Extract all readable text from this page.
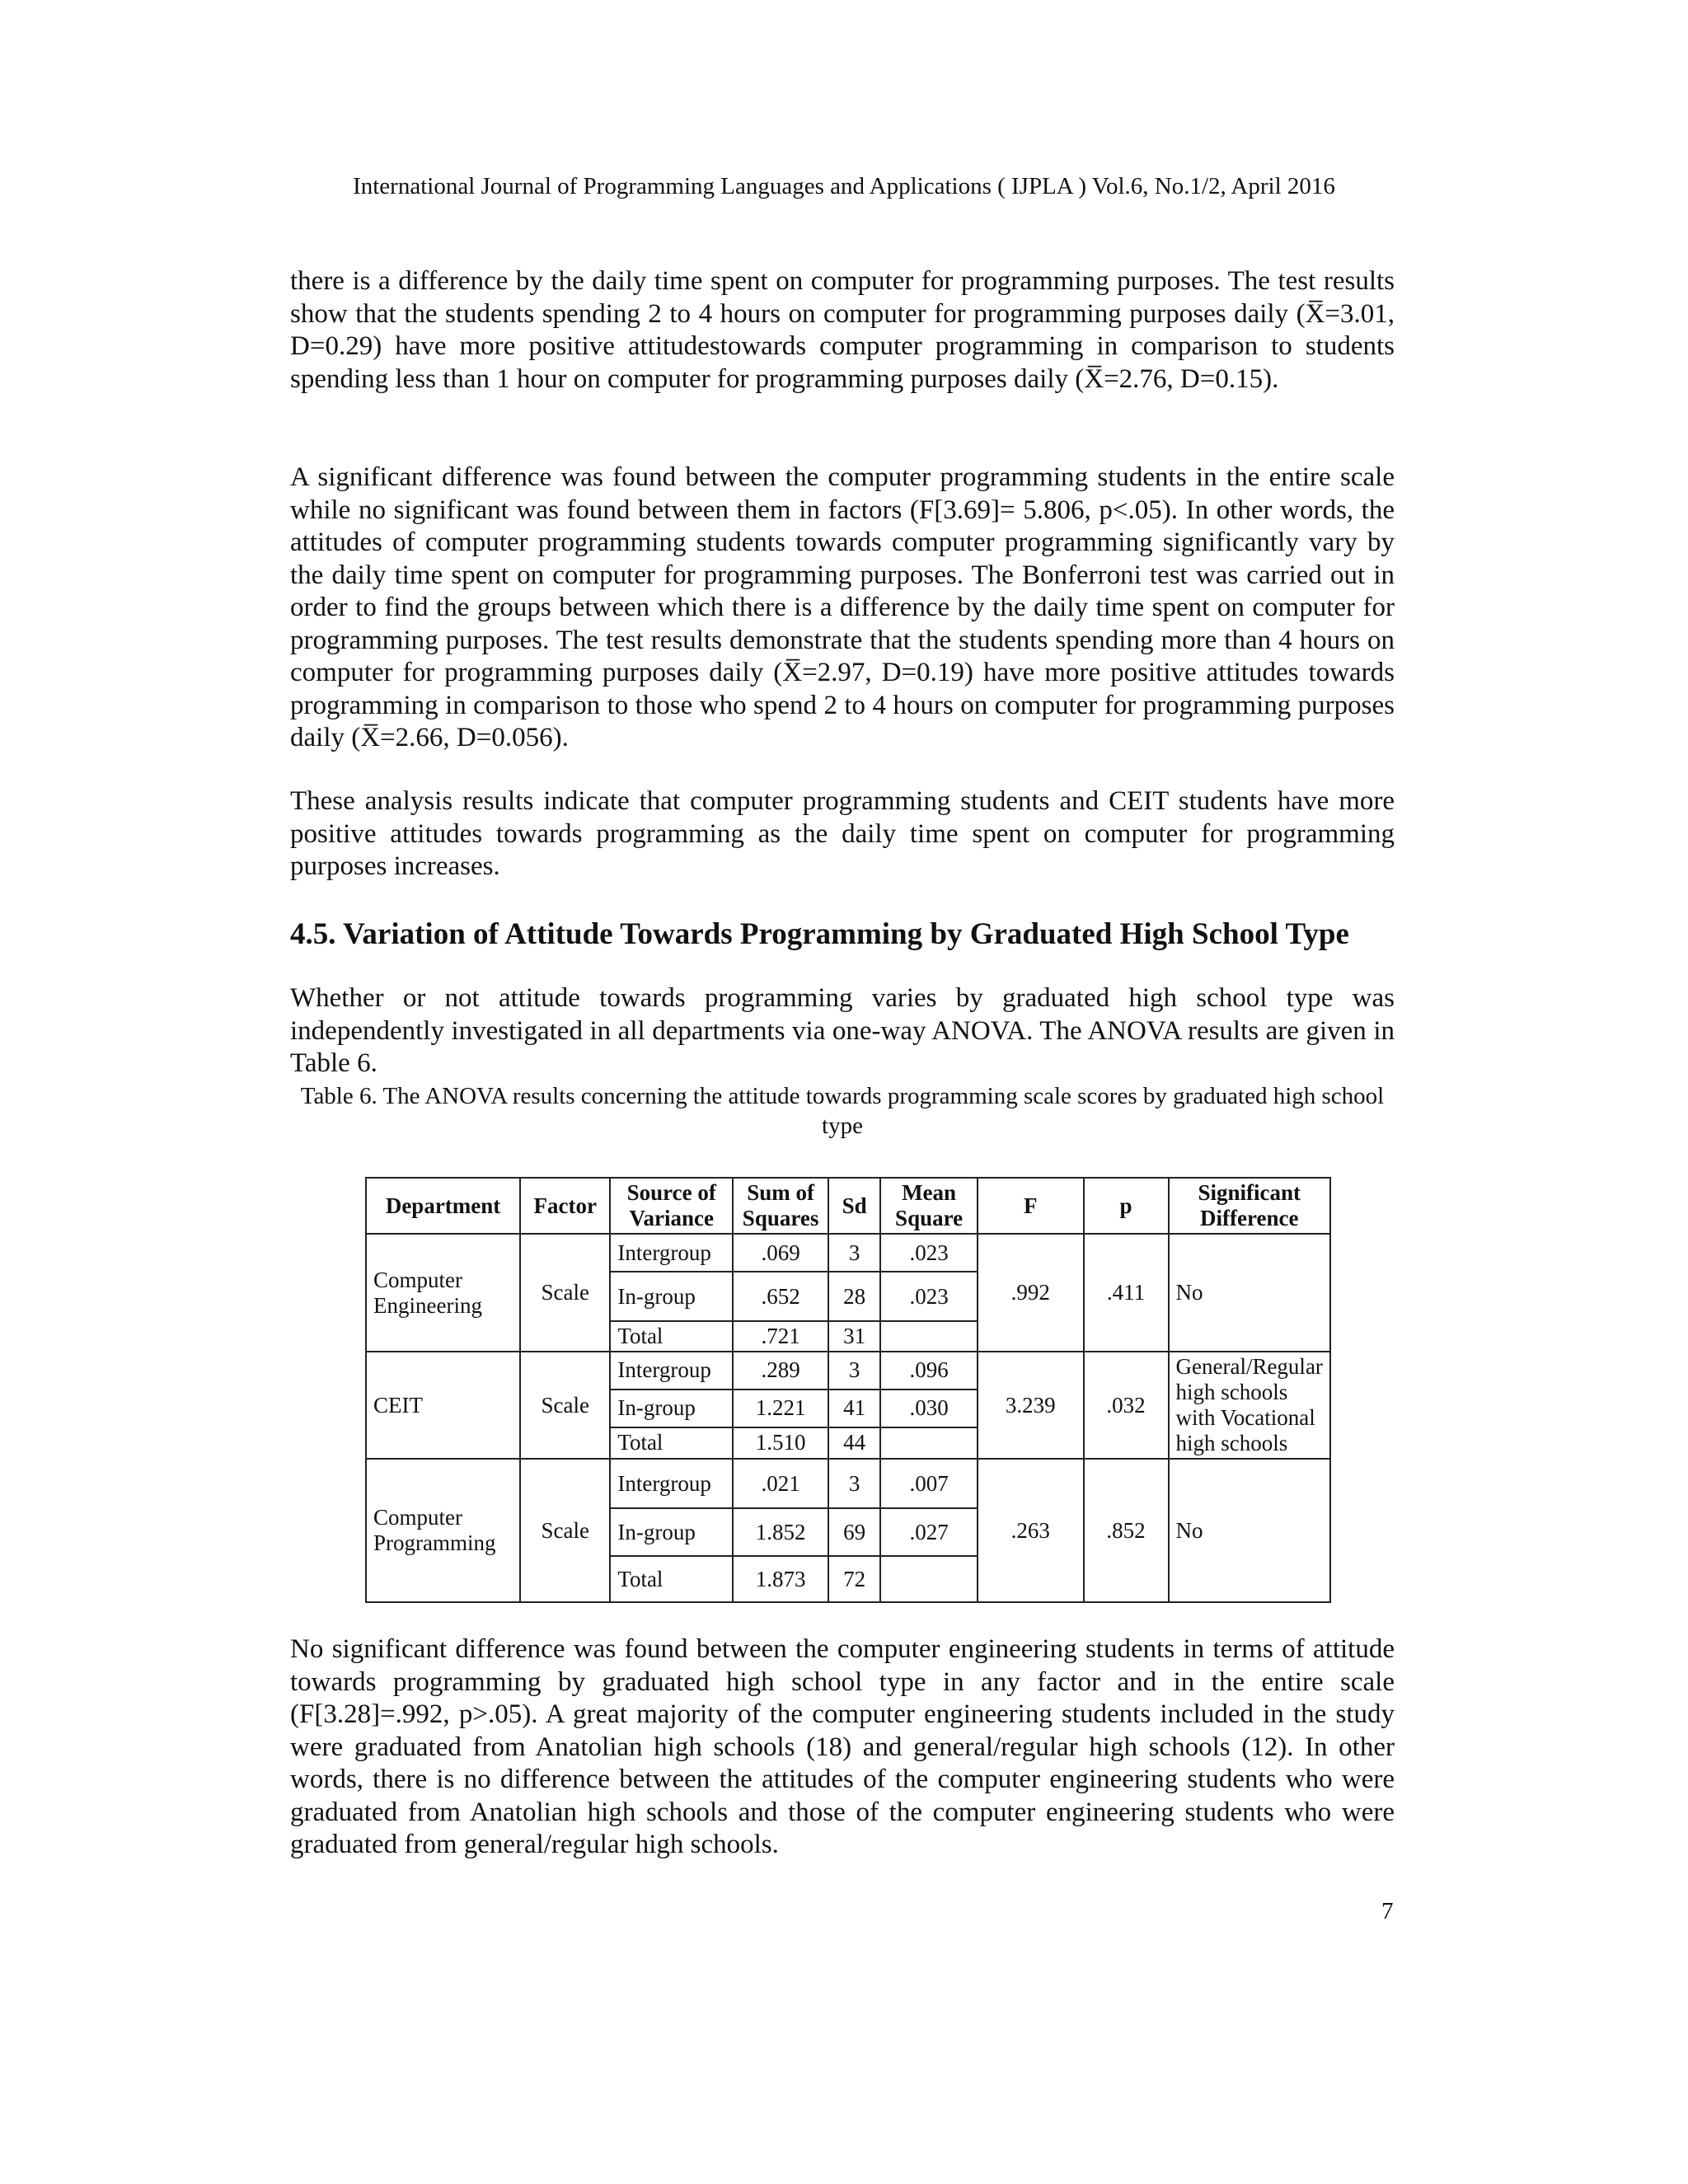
International Journal of Programming Languages and Applications ( IJPLA ) Vol.6, No.1/2, April 2016

there is a difference by the daily time spent on computer for programming purposes. The test results show that the students spending 2 to 4 hours on computer for programming purposes daily (X̅=3.01, D=0.29) have more positive attitudestowards computer programming in comparison to students spending less than 1 hour on computer for programming purposes daily (X̅=2.76, D=0.15).

A significant difference was found between the computer programming students in the entire scale while no significant was found between them in factors (F[3.69]= 5.806, p<.05). In other words, the attitudes of computer programming students towards computer programming significantly vary by the daily time spent on computer for programming purposes. The Bonferroni test was carried out in order to find the groups between which there is a difference by the daily time spent on computer for programming purposes. The test results demonstrate that the students spending more than 4 hours on computer for programming purposes daily (X̅=2.97, D=0.19) have more positive attitudes towards programming in comparison to those who spend 2 to 4 hours on computer for programming purposes daily (X̅=2.66, D=0.056).

These analysis results indicate that computer programming students and CEIT students have more positive attitudes towards programming as the daily time spent on computer for programming purposes increases.

4.5. Variation of Attitude Towards Programming by Graduated High School Type

Whether or not attitude towards programming varies by graduated high school type was independently investigated in all departments via one-way ANOVA. The ANOVA results are given in Table 6.

Table 6. The ANOVA results concerning the attitude towards programming scale scores by graduated high school type

Department	Factor	Source of Variance	Sum of Squares	Sd	Mean Square	F	p	Significant Difference
Computer Engineering	Scale	Intergroup	.069	3	.023	.992	.411	No
		In-group	.652	28	.023			
		Total	.721	31				
CEIT	Scale	Intergroup	.289	3	.096	3.239	.032	General/Regular high schools with Vocational high schools
		In-group	1.221	41	.030			
		Total	1.510	44				
Computer Programming	Scale	Intergroup	.021	3	.007	.263	.852	No
		In-group	1.852	69	.027			
		Total	1.873	72				

No significant difference was found between the computer engineering students in terms of attitude towards programming by graduated high school type in any factor and in the entire scale (F[3.28]=.992, p>.05). A great majority of the computer engineering students included in the study were graduated from Anatolian high schools (18) and general/regular high schools (12). In other words, there is no difference between the attitudes of the computer engineering students who were graduated from Anatolian high schools and those of the computer engineering students who were graduated from general/regular high schools.

7
